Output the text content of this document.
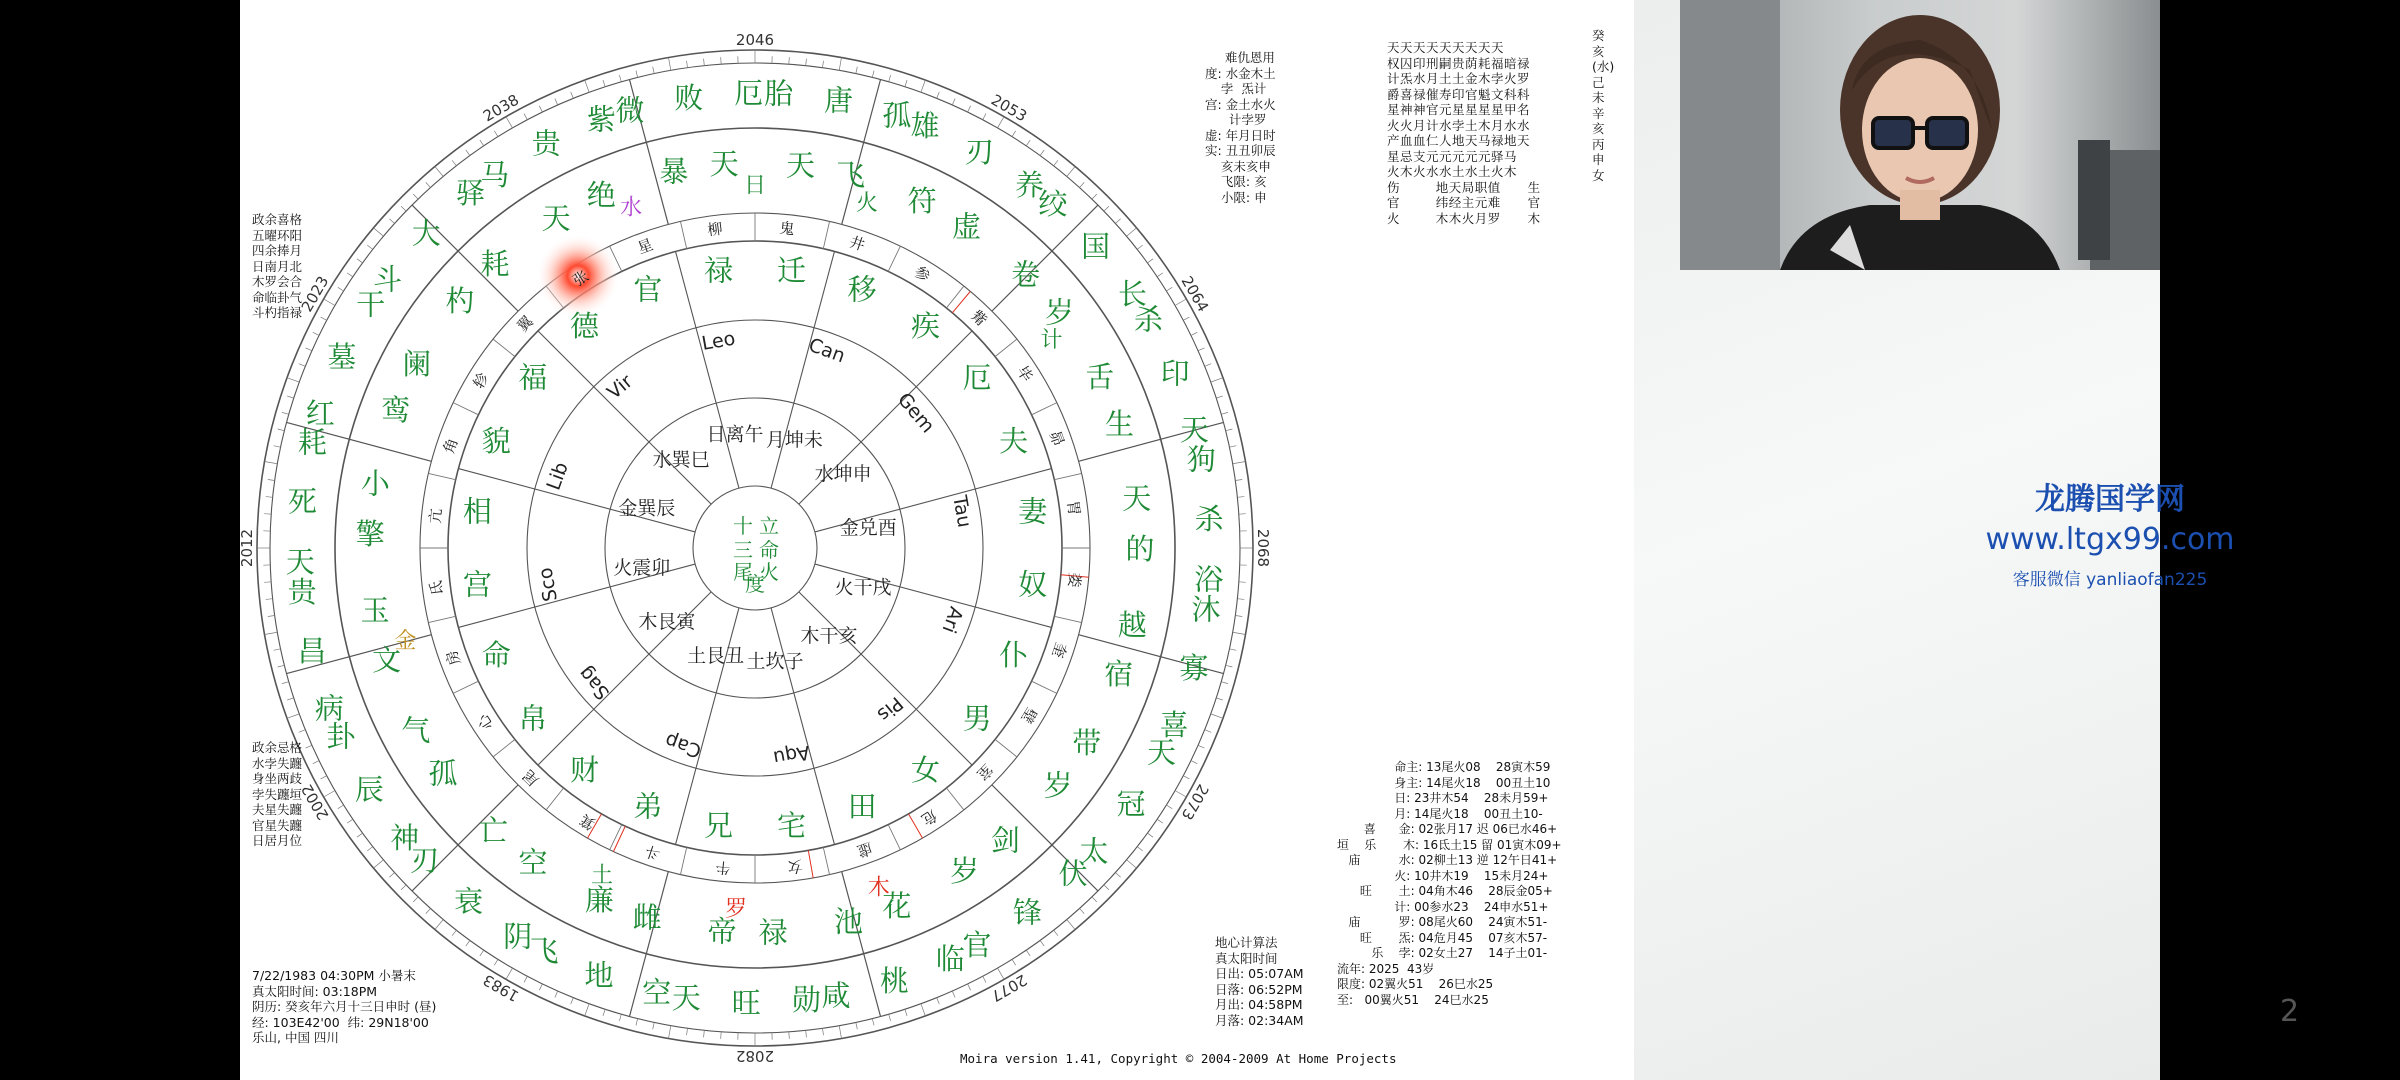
2046
2053
2064
2068
2073
2077
2082
1983
2002
2012
2023
2038	胎
天
唐
飞
孤 雄
符
刃
虚
养
绞
卷
国
岁
长
杀
舌 印
生 天
狗
天
杀
的
浴
沐
越
寡
宿
喜
天
带
冠
岁
太
伏
剑
锋
岁
官
临
花
桃
池
咸
勋
禄
旺
帝
天
空
雌
地
廉
飞
阴
空
衰
亡
刃
神
孤
辰
气
卦
病
文
昌
玉
贵
天
擎
死
小
耗
红 鸾
墓 阑
干
斗
杓
大
耗
驿
马
天
贵
绝
紫 微
暴
败
天
厄
迁
移
疾
厄
夫
妻
奴
仆
男
女
田
宅
兄
弟
财
帛
命
宫
相
貌
福
德
官
禄
水
日
火
计
木
罗
土
金
星
柳	鬼
井
参
觜
毕
昴
胃
娄
奎
壁
室
危
虚
女
牛
斗
箕
尾
心
房
氐
亢
角
轸
翼
张
Leo	Can
Gem
Tau
Ari
Pis
Aqu
Cap
Sag
Sco
Lib
Vir
日离午 月坤未
水坤申
金兑酉
火干戌
木干亥
土坎子
土艮丑
木艮寅
火震卯
金巽辰
水巽巳
十 立
三 命
尾 火
度
政余喜格
五曜环阳
四余捧月
日南月北
木罗会合
命临卦气
斗杓指禄
政余忌格
水孛失躔
身坐两歧
孛失躔垣
夫星失躔
官星失躔
日居月位
7/22/1983 04:30PM 小暑末
真太阳时间: 03:18PM
阴历: 癸亥年六月十三日申时 (昼)
经: 103E42'00  纬: 29N18'00
乐山, 中国 四川
难仇恩用
度: 水金木土
孛  炁计
宫: 金土水火
计孛罗
虚: 年月日时
实: 丑丑卯辰
亥未亥申
飞限: 亥
小限: 申
天天天天天天天天天
权囚印刑嗣贵荫耗福暗禄
计炁水月土土金木孛火罗
爵喜禄催寿印官魁文科科
星神神官元星星星星甲名
火火月计水孛土木月水水
产血血仁人地天马禄地天
星忌支元元元元元驿马
火木火水水土水土火木
伤        地天局职值      生
官        纬经主元难      官
火        木木火月罗      木
癸
亥
(水)
己
未
辛
亥
丙
申
女
地心计算法
真太阳时间
日出: 05:07AM
日落: 06:52PM
月出: 04:58PM
月落: 02:34AM
命主: 13尾火08    28寅木59
身主: 14尾火18    00丑土10
日: 23井木54    28未月59+
月: 14尾火18    00丑土10-
喜      金: 02张月17 迟 06已水46+
垣    乐       木: 16氐土15 留 01寅木09+
庙          水: 02柳土13 逆 12午日41+
火: 10井木19    15未月24+
旺       土: 04角木46    28辰金05+
计: 00参水23    24申水51+
庙          罗: 08尾火60    24寅木51-
旺       炁: 04危月45    07亥木57-
乐    孛: 02女土27    14子土01-
流年: 2025  43岁
限度: 02翼火51    26巳水25
至:   00翼火51    24巳水25
Moira version 1.41, Copyright © 2004-2009 At Home Projects
龙腾国学网
www.ltgx99.com
客服微信 yanliaofan225
2
